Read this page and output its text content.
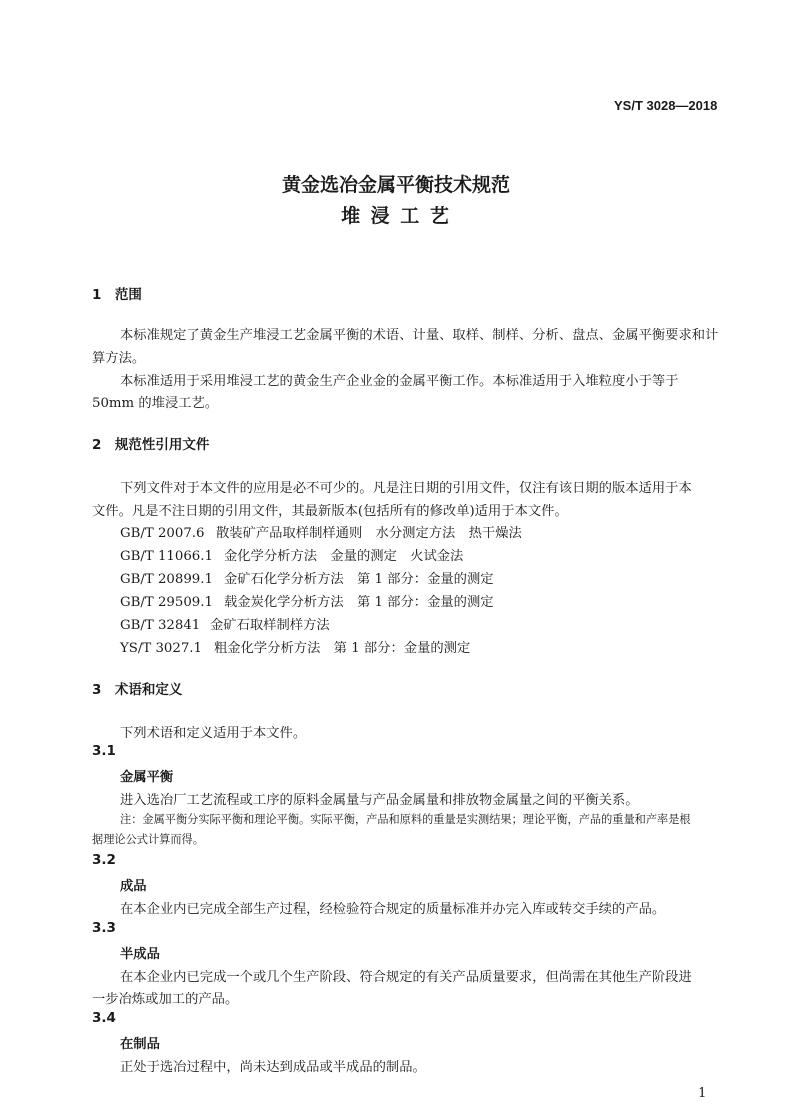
YS/T 3028—2018
黄金选冶金属平衡技术规范
堆 浸 工 艺
1　范围
本标准规定了黄金生产堆浸工艺金属平衡的术语、计量、取样、制样、分析、盘点、金属平衡要求和计
算方法。
本标准适用于采用堆浸工艺的黄金生产企业金的金属平衡工作。本标准适用于入堆粒度小于等于
50mm 的堆浸工艺。
2　规范性引用文件
下列文件对于本文件的应用是必不可少的。凡是注日期的引用文件，仅注有该日期的版本适用于本
文件。凡是不注日期的引用文件，其最新版本(包括所有的修改单)适用于本文件。
GB/T 2007.6 散装矿产品取样制样通则　水分测定方法　热干燥法
GB/T 11066.1 金化学分析方法　金量的测定　火试金法
GB/T 20899.1 金矿石化学分析方法　第 1 部分：金量的测定
GB/T 29509.1 载金炭化学分析方法　第 1 部分：金量的测定
GB/T 32841 金矿石取样制样方法
YS/T 3027.1 粗金化学分析方法　第 1 部分：金量的测定
3　术语和定义
下列术语和定义适用于本文件。
3.1
金属平衡
进入选冶厂工艺流程或工序的原料金属量与产品金属量和排放物金属量之间的平衡关系。
注：金属平衡分实际平衡和理论平衡。实际平衡，产品和原料的重量是实测结果；理论平衡，产品的重量和产率是根
据理论公式计算而得。
3.2
成品
在本企业内已完成全部生产过程，经检验符合规定的质量标准并办完入库或转交手续的产品。
3.3
半成品
在本企业内已完成一个或几个生产阶段、符合规定的有关产品质量要求，但尚需在其他生产阶段进
一步冶炼或加工的产品。
3.4
在制品
正处于选冶过程中，尚未达到成品或半成品的制品。
1
